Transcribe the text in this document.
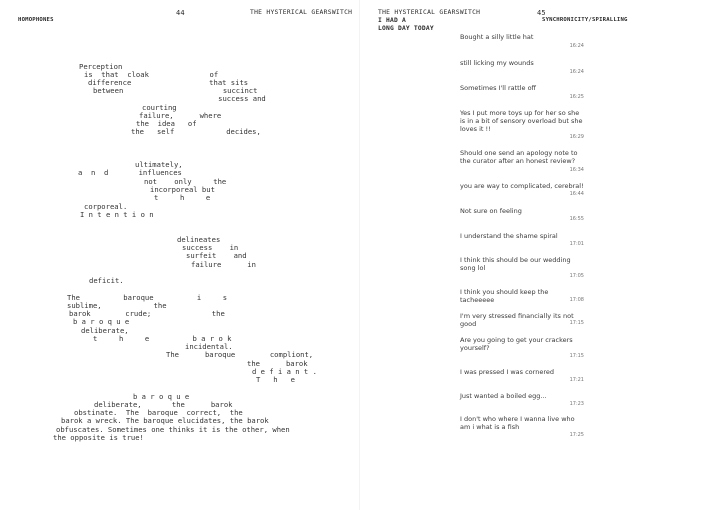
HOMOPHONES
44	THE HYSTERICAL GEARSWITCH
Perception
is  that  cloak              of
difference                  that sits
between                       succinct
success and
courting
failure,      where
the  idea   of
the   self            decides,
ultimately,
a  n  d       influences
not    only     the
incorporeal but
t     h     e
corporeal.
I n t e n t i o n
delineates
success    in
surfeit    and
failure      in
deficit.
The          baroque          i     s
sublime,            the
barok        crude;              the
b a r o q u e
deliberate,
t     h     e          b a r o k
incidental.
The      baroque        compliont,
the      barok
d e f i a n t .
T   h   e
b a r o q u e
deliberate,       the      barok
obstinate.  The  baroque  correct,  the
barok a wreck. The baroque elucidates, the barok
obfuscates. Sometimes one thinks it is the other, when
the opposite is true!
THE HYSTERICAL GEARSWITCH	45
SYNCHRONICITY/SPIRALLING
I HAD A
LONG DAY TODAY
Bought a silly little hat
16:24
still licking my wounds
16:24
Sometimes I'll rattle off
16:25
Yes I put more toys up for her so she is in a bit of sensory overload but she loves it !!
16:29
Should one send an apology note to the curator after an honest review?
16:34
you are way to complicated, cerebral!
16:44
Not sure on feeling
16:55
I understand the shame spiral
17:01
I think this should be our wedding song lol
17:05
I think you should keep the tacheeeee	17:08
I'm very stressed financially its not good	17:15
Are you going to get your crackers yourself?
17:15
I was pressed I was cornered
17:21
Just wanted a boiled egg...
17:23
I don't who where I wanna live who am i what is a fish
17:25
